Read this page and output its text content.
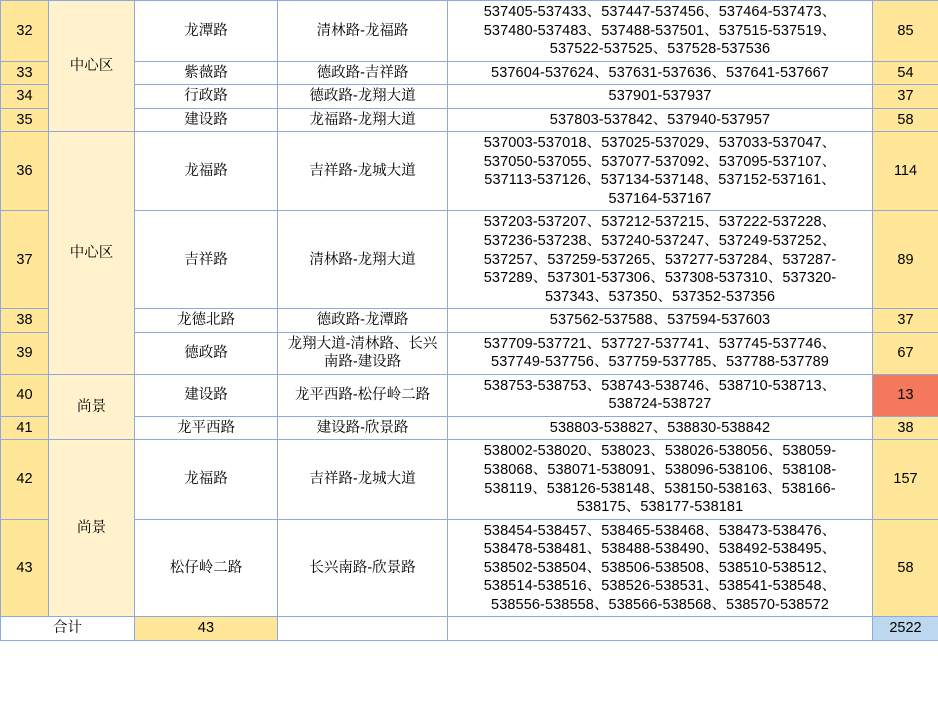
32	中心区	龙潭路	清林路-龙福路	537405-537433、537447-537456、537464-537473、
537480-537483、537488-537501、537515-537519、
537522-537525、537528-537536	85
33		紫薇路	德政路-吉祥路	537604-537624、537631-537636、537641-537667	54
34		行政路	德政路-龙翔大道	537901-537937	37
35		建设路	龙福路-龙翔大道	537803-537842、537940-537957	58
36	中心区	龙福路	吉祥路-龙城大道	537003-537018、537025-537029、537033-537047、
537050-537055、537077-537092、537095-537107、
537113-537126、537134-537148、537152-537161、
537164-537167	114
37		吉祥路	清林路-龙翔大道	537203-537207、537212-537215、537222-537228、
537236-537238、537240-537247、537249-537252、
537257、537259-537265、537277-537284、537287-
537289、537301-537306、537308-537310、537320-
537343、537350、537352-537356	89
38		龙德北路	德政路-龙潭路	537562-537588、537594-537603	37
39		德政路	龙翔大道-清林路、长兴南路-建设路	537709-537721、537727-537741、537745-537746、
537749-537756、537759-537785、537788-537789	67
40	尚景	建设路	龙平西路-松仔岭二路	538753-538753、538743-538746、538710-538713、
538724-538727	13
41		龙平西路	建设路-欣景路	538803-538827、538830-538842	38
42	尚景	龙福路	吉祥路-龙城大道	538002-538020、538023、538026-538056、538059-
538068、538071-538091、538096-538106、538108-
538119、538126-538148、538150-538163、538166-
538175、538177-538181	157
43		松仔岭二路	长兴南路-欣景路	538454-538457、538465-538468、538473-538476、
538478-538481、538488-538490、538492-538495、
538502-538504、538506-538508、538510-538512、
538514-538516、538526-538531、538541-538548、
538556-538558、538566-538568、538570-538572	58
合计		43			2522
